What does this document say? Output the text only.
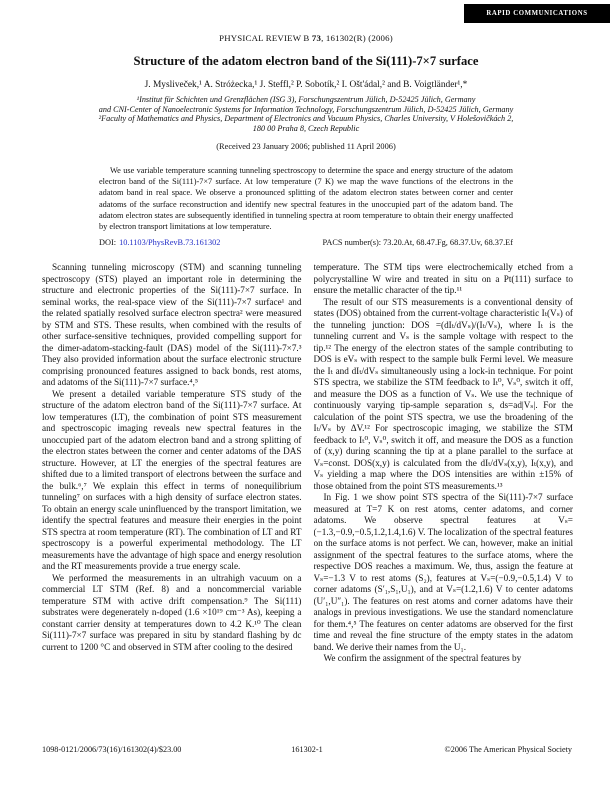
RAPID COMMUNICATIONS
PHYSICAL REVIEW B 73, 161302(R) (2006)
Structure of the adatom electron band of the Si(111)-7×7 surface
J. Mysliveček,¹ A. Stróżecka,¹ J. Steffl,² P. Sobotík,² I. Ošt'ádal,² and B. Voigtländer¹,*
¹Institut für Schichten und Grenzflächen (ISG 3), Forschungszentrum Jülich, D-52425 Jülich, Germany
and CNI-Center of Nanoelectronic Systems for Information Technology, Forschungszentrum Jülich, D-52425 Jülich, Germany
²Faculty of Mathematics and Physics, Department of Electronics and Vacuum Physics, Charles University, V Holešovičkách 2,
180 00 Praha 8, Czech Republic
(Received 23 January 2006; published 11 April 2006)
We use variable temperature scanning tunneling spectroscopy to determine the space and energy structure of the adatom electron band of the Si(111)-7×7 surface. At low temperature (7 K) we map the wave functions of the electrons in the adatom band in real space. We observe a pronounced splitting of the adatom electron states between corner and center adatoms of the surface reconstruction and identify new spectral features in the unoccupied part of the adatom band. The adatom electron states are subsequently identified in tunneling spectra at room temperature to obtain their energy unaffected by electron transport limitations at low temperature.
DOI: 10.1103/PhysRevB.73.161302	PACS number(s): 73.20.At, 68.47.Fg, 68.37.Uv, 68.37.Ef

Scanning tunneling microscopy (STM) and scanning tunneling spectroscopy (STS) played an important role in determining the structure and electronic properties of the Si(111)-7×7 surface. In seminal works, the real-space view of the Si(111)-7×7 surface¹ and the related spatially resolved surface electron spectra² were measured by STM and STS. These results, when combined with the results of other surface-sensitive techniques, provided compelling support for the dimer-adatom-stacking-fault (DAS) model of the Si(111)-7×7.³ They also provided information about the surface electronic structure comprising pronounced features assigned to back bonds, rest atoms, and adatoms of the Si(111)-7×7 surface.⁴,⁵

We present a detailed variable temperature STS study of the structure of the adatom electron band of the Si(111)-7×7 surface. At low temperatures (LT), the combination of point STS measurement and spectroscopic imaging reveals new spectral features in the unoccupied part of the adatom electron band and a strong splitting of the electron states between the corner and center adatoms of the DAS structure. However, at LT the energies of the spectral features are shifted due to a limited transport of electrons between the surface and the bulk.⁶,⁷ We explain this effect in terms of nonequilibrium tunneling⁷ on surfaces with a high density of surface electron states. To obtain an energy scale uninfluenced by the transport limitation, we identify the spectral features and measure their energies in the point STS spectra at room temperature (RT). The combination of LT and RT spectroscopy is a powerful experimental methodology. The LT measurements have the advantage of high space and energy resolution and the RT measurements provide a true energy scale.

We performed the measurements in an ultrahigh vacuum on a commercial LT STM (Ref. 8) and a noncommercial variable temperature STM with active drift compensation.⁹ The Si(111) substrates were degenerately n-doped (1.6 ×10¹⁹ cm⁻³ As), keeping a constant carrier density at temperatures down to 4.2 K.¹⁰ The clean Si(111)-7×7 surface was prepared in situ by standard flashing by dc current to 1200 °C and observed in STM after cooling to the desired

temperature. The STM tips were electrochemically etched from a polycrystalline W wire and treated in situ on a Pt(111) surface to ensure the metallic character of the tip.¹¹

The result of our STS measurements is a conventional density of states (DOS) obtained from the current-voltage characteristic Iₜ(Vₛ) of the tunneling junction: DOS =(dIₜ/dVₛ)/(Iₜ/Vₛ), where Iₜ is the tunneling current and Vₛ is the sample voltage with respect to the tip.¹² The energy of the electron states of the sample contributing to DOS is eVₛ with respect to the sample bulk Fermi level. We measure the Iₜ and dIₜ/dVₛ simultaneously using a lock-in technique. For point STS spectra, we stabilize the STM feedback to Iₜ⁰, Vₛ⁰, switch it off, and measure the DOS as a function of Vₛ. We use the technique of continuously varying tip-sample separation s, ds=ad|Vₛ|. For the calculation of the point STS spectra, we use the broadening of the Iₜ/Vₛ by ΔV.¹² For spectroscopic imaging, we stabilize the STM feedback to Iₜ⁰, Vₛ⁰, switch it off, and measure the DOS as a function of (x,y) during scanning the tip at a plane parallel to the surface at Vₛ=const. DOS(x,y) is calculated from the dIₜ/dVₛ(x,y), Iₜ(x,y), and Vₛ yielding a map where the DOS intensities are within ±15% of those obtained from the point STS measurements.¹³

In Fig. 1 we show point STS spectra of the Si(111)-7×7 surface measured at T=7 K on rest atoms, center adatoms, and corner adatoms. We observe spectral features at Vₛ=(−1.3,−0.9,−0.5,1.2,1.4,1.6) V. The localization of the spectral features on the surface atoms is not perfect. We can, however, make an initial assignment of the spectral features to the surface atoms, where the respective DOS reaches a maximum. We, thus, assign the feature at Vₛ=−1.3 V to rest atoms (S₂), features at Vₛ=(−0.9,−0.5,1.4) V to corner adatoms (S′₁,S₁,U₁), and at Vₛ=(1.2,1.6) V to center adatoms (U′₁,U″₁). The features on rest atoms and corner adatoms have their analogs in previous investigations. We use the standard nomenclature for them.⁴,⁵ The features on center adatoms are observed for the first time and reveal the fine structure of the empty states in the adatom band. We derive their names from the U₁.

We confirm the assignment of the spectral features by

1098-0121/2006/73(16)/161302(4)/$23.00	161302-1	©2006 The American Physical Society
